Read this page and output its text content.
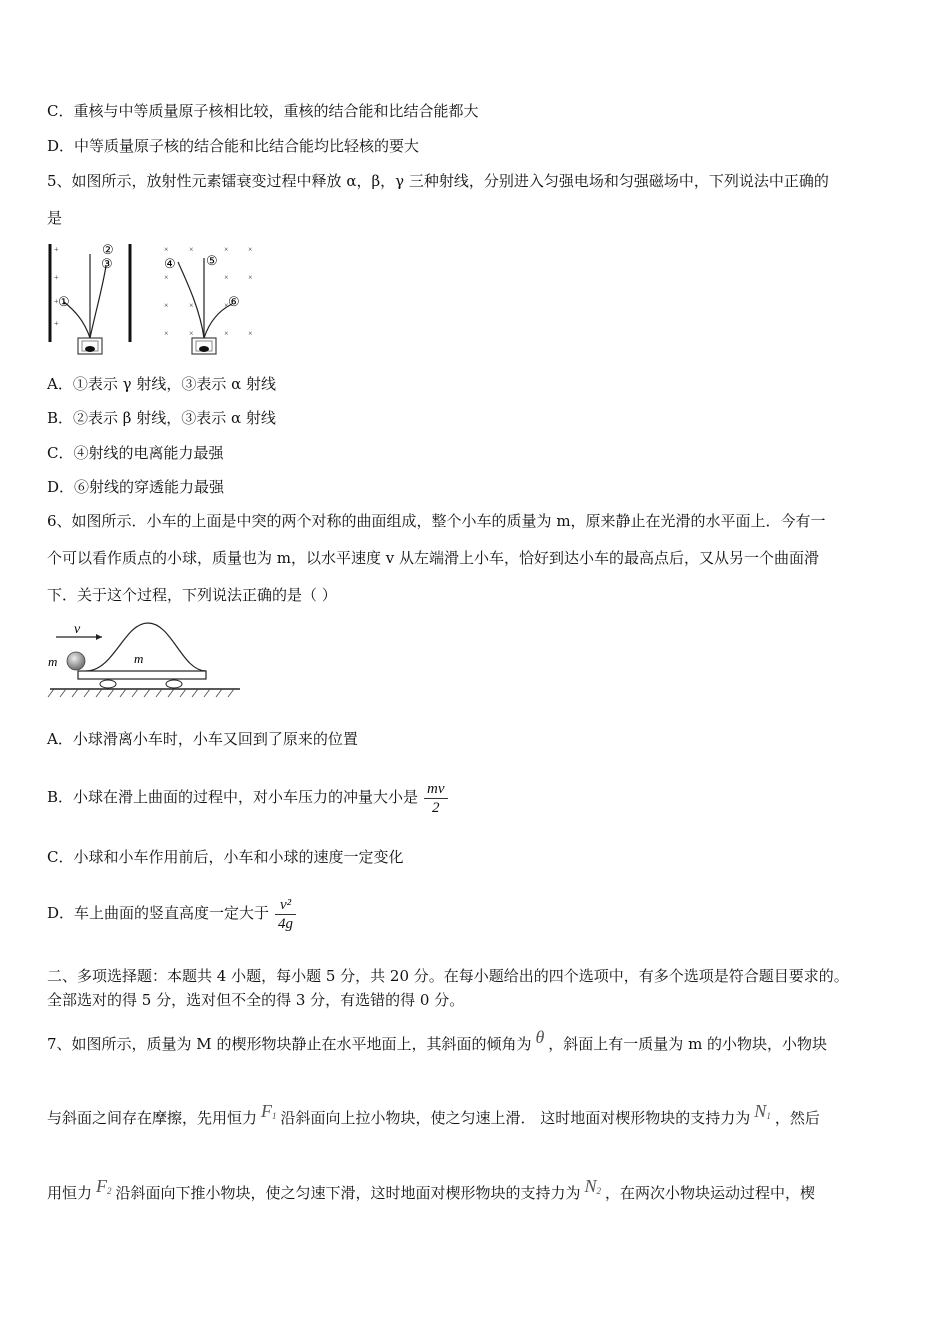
C．重核与中等质量原子核相比较，重核的结合能和比结合能都大
D．中等质量原子核的结合能和比结合能均比轻核的要大
5、如图所示，放射性元素镭衰变过程中释放 α，β，γ 三种射线，分别进入匀强电场和匀强磁场中，下列说法中正确的
是
+
+
+
+
①
②
③
×	×	× ×
×	× ×
×	×	×
×	×	× ×
④ ⑤
⑥
A．①表示 γ 射线，③表示 α 射线
B．②表示 β 射线，③表示 α 射线
C．④射线的电离能力最强
D．⑥射线的穿透能力最强
6、如图所示．小车的上面是中突的两个对称的曲面组成，整个小车的质量为 m，原来静止在光滑的水平面上．今有一
个可以看作质点的小球，质量也为 m，以水平速度 v 从左端滑上小车，恰好到达小车的最高点后，又从另一个曲面滑
下．关于这个过程，下列说法正确的是（ ）
v
m	m
A．小球滑离小车时，小车又回到了原来的位置
B．小球在滑上曲面的过程中，对小车压力的冲量大小是 $\frac{mv}{2}$
C．小球和小车作用前后，小车和小球的速度一定变化
D．车上曲面的竖直高度一定大于 $\frac{\text{v²}}{4g}$
二、多项选择题：本题共 4 小题，每小题 5 分，共 20 分。在每小题给出的四个选项中，有多个选项是符合题目要求的。
全部选对的得 5 分，选对但不全的得 3 分，有选错的得 0 分。
7、如图所示，质量为 M 的楔形物块静止在水平地面上，其斜面的倾角为 θ ，斜面上有一质量为 m 的小物块，小物块
与斜面之间存在摩擦，先用恒力 $F_1$ 沿斜面向上拉小物块，使之匀速上滑． 这时地面对楔形物块的支持力为 $N_1$ ，然后
用恒力 $F_2$ 沿斜面向下推小物块，使之匀速下滑，这时地面对楔形物块的支持力为 $N_2$ ，在两次小物块运动过程中，楔
